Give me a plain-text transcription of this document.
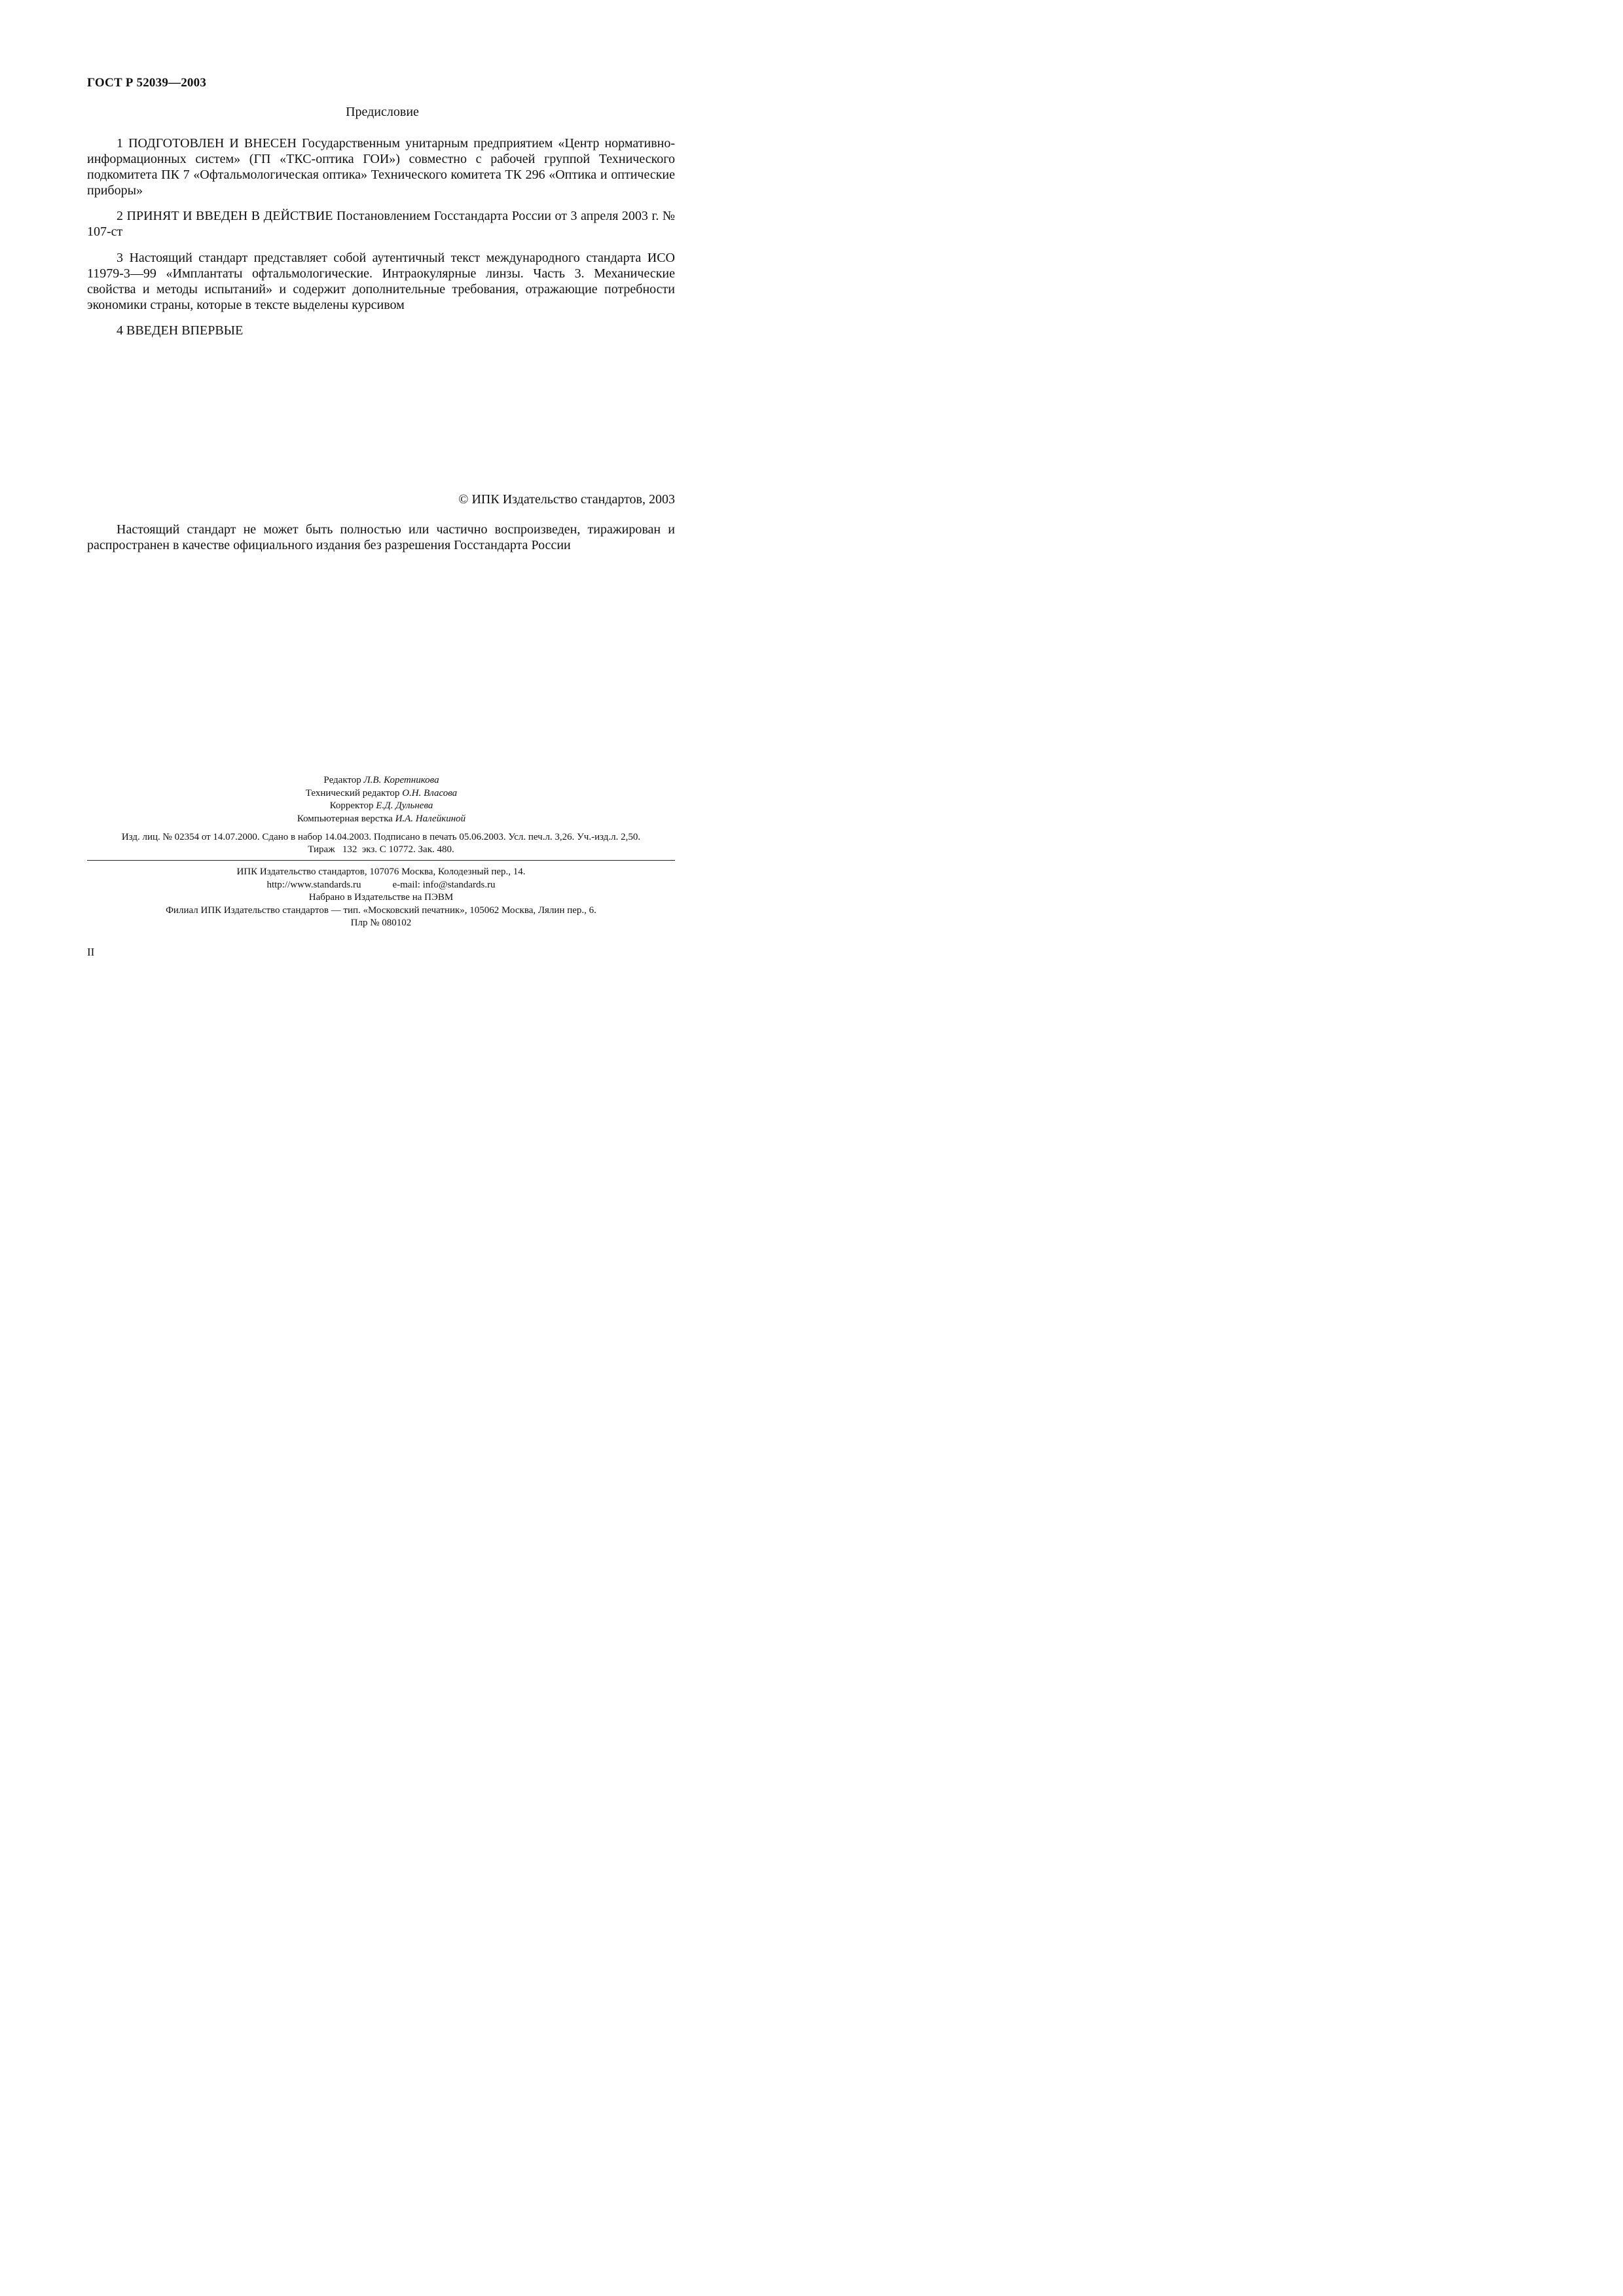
ГОСТ Р 52039—2003
Предисловие
1 ПОДГОТОВЛЕН И ВНЕСЕН Государственным унитарным предприятием «Центр нормативно-информационных систем» (ГП «ТКС-оптика ГОИ») совместно с рабочей группой Технического подкомитета ПК 7 «Офтальмологическая оптика» Технического комитета ТК 296 «Оптика и оптические приборы»
2 ПРИНЯТ И ВВЕДЕН В ДЕЙСТВИЕ Постановлением Госстандарта России от 3 апреля 2003 г. № 107-ст
3 Настоящий стандарт представляет собой аутентичный текст международного стандарта ИСО 11979-3—99 «Имплантаты офтальмологические. Интраокулярные линзы. Часть 3. Механические свойства и методы испытаний» и содержит дополнительные требования, отражающие потребности экономики страны, которые в тексте выделены курсивом
4 ВВЕДЕН ВПЕРВЫЕ
© ИПК Издательство стандартов, 2003
Настоящий стандарт не может быть полностью или частично воспроизведен, тиражирован и распространен в качестве официального издания без разрешения Госстандарта России
Редактор Л.В. Коретникова
Технический редактор О.Н. Власова
Корректор Е.Д. Дульнева
Компьютерная верстка И.А. Налейкиной
Изд. лиц. № 02354 от 14.07.2000. Сдано в набор 14.04.2003. Подписано в печать 05.06.2003. Усл. печ.л. 3,26. Уч.-изд.л. 2,50.
Тираж   132  экз. С 10772. Зак. 480.
ИПК Издательство стандартов, 107076 Москва, Колодезный пер., 14.
http://www.standards.ru	e-mail: info@standards.ru
Набрано в Издательстве на ПЭВМ
Филиал ИПК Издательство стандартов — тип. «Московский печатник», 105062 Москва, Лялин пер., 6.
Плр № 080102
II
